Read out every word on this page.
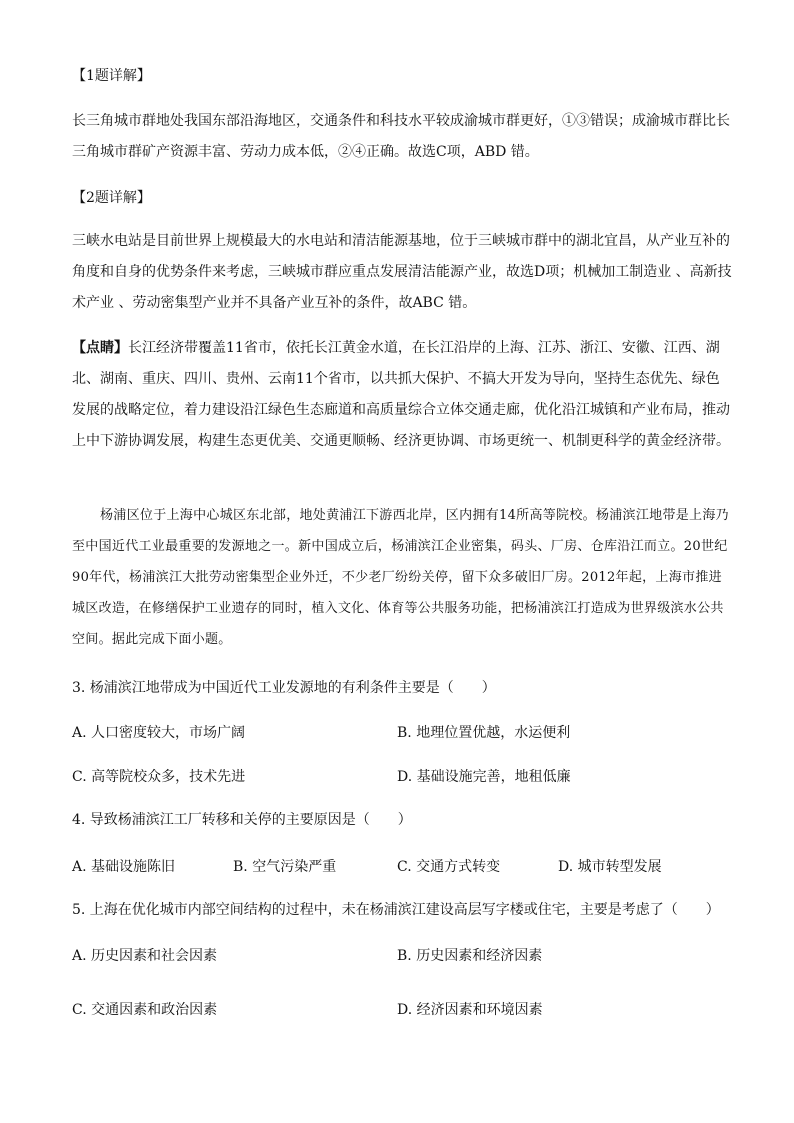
【1题详解】

长三角城市群地处我国东部沿海地区，交通条件和科技水平较成渝城市群更好，①③错误；成渝城市群比长三角城市群矿产资源丰富、劳动力成本低，②④正确。故选C项，ABD 错。

【2题详解】

三峡水电站是目前世界上规模最大的水电站和清洁能源基地，位于三峡城市群中的湖北宜昌，从产业互补的角度和自身的优势条件来考虑，三峡城市群应重点发展清洁能源产业，故选D项；机械加工制造业 、高新技术产业 、劳动密集型产业并不具备产业互补的条件，故ABC 错。

【点睛】长江经济带覆盖11省市，依托长江黄金水道，在长江沿岸的上海、江苏、浙江、安徽、江西、湖北、湖南、重庆、四川、贵州、云南11个省市，以共抓大保护、不搞大开发为导向，坚持生态优先、绿色发展的战略定位，着力建设沿江绿色生态廊道和高质量综合立体交通走廊，优化沿江城镇和产业布局，推动上中下游协调发展，构建生态更优美、交通更顺畅、经济更协调、市场更统一、机制更科学的黄金经济带。

杨浦区位于上海中心城区东北部，地处黄浦江下游西北岸，区内拥有14所高等院校。杨浦滨江地带是上海乃至中国近代工业最重要的发源地之一。新中国成立后，杨浦滨江企业密集，码头、厂房、仓库沿江而立。20世纪90年代，杨浦滨江大批劳动密集型企业外迁，不少老厂纷纷关停，留下众多破旧厂房。2012年起，上海市推进城区改造，在修缮保护工业遗存的同时，植入文化、体育等公共服务功能，把杨浦滨江打造成为世界级滨水公共空间。据此完成下面小题。

3. 杨浦滨江地带成为中国近代工业发源地的有利条件主要是（　　）

A. 人口密度较大，市场广阔	B. 地理位置优越，水运便利
C. 高等院校众多，技术先进	D. 基础设施完善，地租低廉

4. 导致杨浦滨江工厂转移和关停的主要原因是（　　）

A. 基础设施陈旧	B. 空气污染严重	C. 交通方式转变	D. 城市转型发展

5. 上海在优化城市内部空间结构的过程中，未在杨浦滨江建设高层写字楼或住宅，主要是考虑了（　　）

A. 历史因素和社会因素	B. 历史因素和经济因素
C. 交通因素和政治因素	D. 经济因素和环境因素
